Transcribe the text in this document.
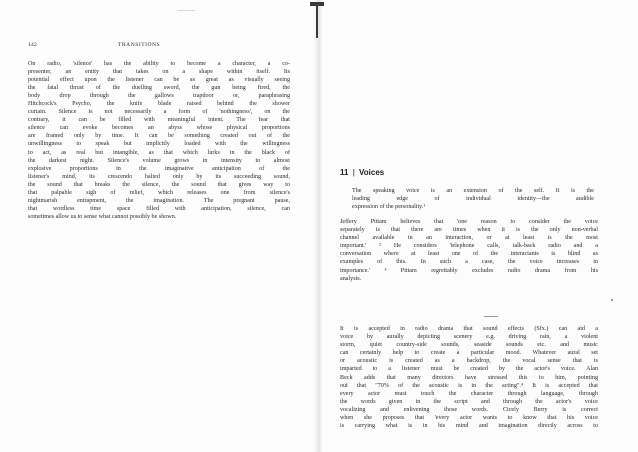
142	TRANSITIONS
On radio, 'silence' has the ability to become a character, a co-
presenter, an entity that takes on a shape within itself. Its
potential effect upon the listener can be as great as visually seeing
the fatal thrust of the duelling sword, the gun being fired, the
body drop through the gallows trapdoor or, paraphrasing
Hitchcock's Psycho, the knife blade raised behind the shower
curtain. Silence is not necessarily a form of 'nothingness', on the
contrary, it can be filled with meaningful intent. The fear that
silence can evoke becomes an abyss whose physical proportions
are framed only by time. It can be something created out of the
unwillingness to speak but implicitly loaded with the willingness
to act, as real but intangible, as that which lurks in the black of
the darkest night. Silence's volume grows in intensity to almost
explosive proportions in the imaginative anticipation of the
listener's mind, its crescendo halted only by its succeeding sound,
the sound that breaks the silence, the sound that gives way to
that palpable sigh of relief, which releases one from silence's
nightmarish entrapment, the imagination. The pregnant pause,
that wordless time space filled with anticipation, silence, can
sometimes allow us to sense what cannot possibly be shown.
11 | Voices
The speaking voice is an extension of the self. It is the
leading edge of individual identity—the audible
expression of the personality.¹
Jeffery Pittam believes that 'one reason to consider the voice
separately is that there are times when it is the only non-verbal
channel available in an interaction, or at least is the most
important.' ² He considers 'telephone calls, talk-back radio and a
conversation where at least one of the interactants is blind as
examples of this. In such a case, the voice increases in
importance.' ³ Pittam regrettably excludes radio drama from his
analysis.
It is accepted in radio drama that sound effects (Sfx.) can aid a
voice by aurally depicting scenery e.g. driving rain, a violent
storm, quiet country-side sounds, seaside sounds etc. and music
can certainly help to create a particular mood. Whatever aural set
or acoustic is created as a backdrop, the vocal sense that is
imparted to a listener must be created by the actor's voice. Alan
Beck adds that many directors have stressed this to him, pointing
out that "70% of the acoustic is in the acting".⁴ It is accepted that
every actor must touch the character through language, through
the words given in the script and through the actor's voice
vocalizing and enlivening those words. Cicely Berry is correct
when she proposes that 'every actor wants to know that his voice
is carrying what is in his mind and imagination directly across to
